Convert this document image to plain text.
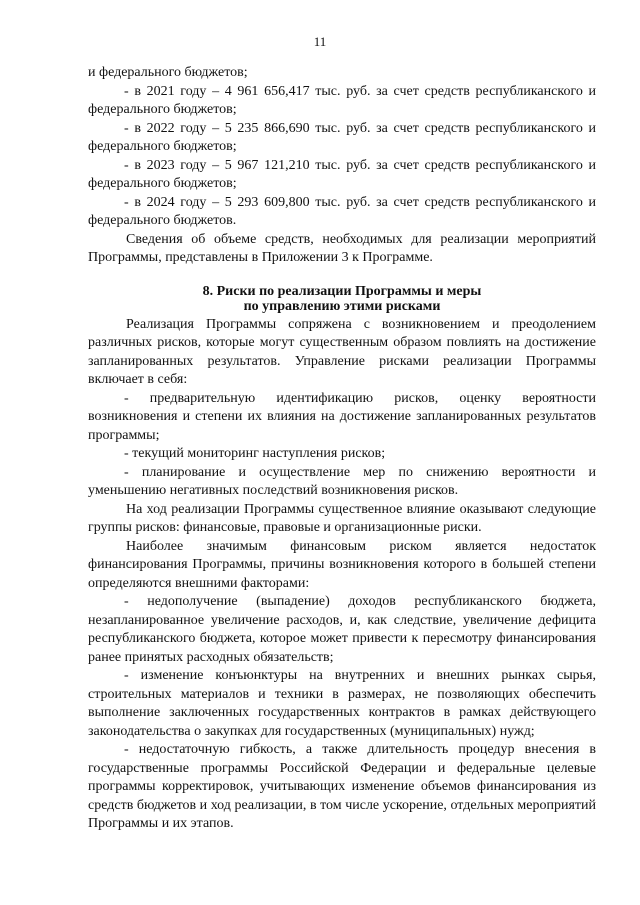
11

и федерального бюджетов;

- в 2021 году – 4 961 656,417 тыс. руб. за счет средств республиканского и федерального бюджетов;

- в 2022 году – 5 235 866,690 тыс. руб. за счет средств республиканского и федерального бюджетов;

- в 2023 году – 5 967 121,210 тыс. руб. за счет средств республиканского и федерального бюджетов;

- в 2024 году – 5 293 609,800 тыс. руб. за счет средств республиканского и федерального бюджетов.

Сведения об объеме средств, необходимых для реализации мероприятий Программы, представлены в Приложении 3 к Программе.

8. Риски по реализации Программы и меры
по управлению этими рисками

Реализация Программы сопряжена с возникновением и преодолением различных рисков, которые могут существенным образом повлиять на достижение запланированных результатов. Управление рисками реализации Программы включает в себя:

- предварительную идентификацию рисков, оценку вероятности возникновения и степени их влияния на достижение запланированных результатов программы;

- текущий мониторинг наступления рисков;

- планирование и осуществление мер по снижению вероятности и уменьшению негативных последствий возникновения рисков.

На ход реализации Программы существенное влияние оказывают следующие группы рисков: финансовые, правовые и организационные риски.

Наиболее значимым финансовым риском является недостаток финансирования Программы, причины возникновения которого в большей степени определяются внешними факторами:

- недополучение (выпадение) доходов республиканского бюджета, незапланированное увеличение расходов, и, как следствие, увеличение дефицита республиканского бюджета, которое может привести к пересмотру финансирования ранее принятых расходных обязательств;

- изменение конъюнктуры на внутренних и внешних рынках сырья, строительных материалов и техники в размерах, не позволяющих обеспечить выполнение заключенных государственных контрактов в рамках действующего законодательства о закупках для государственных (муниципальных) нужд;

- недостаточную гибкость, а также длительность процедур внесения в государственные программы Российской Федерации и федеральные целевые программы корректировок, учитывающих изменение объемов финансирования из средств бюджетов и ход реализации, в том числе ускорение, отдельных мероприятий Программы и их этапов.
